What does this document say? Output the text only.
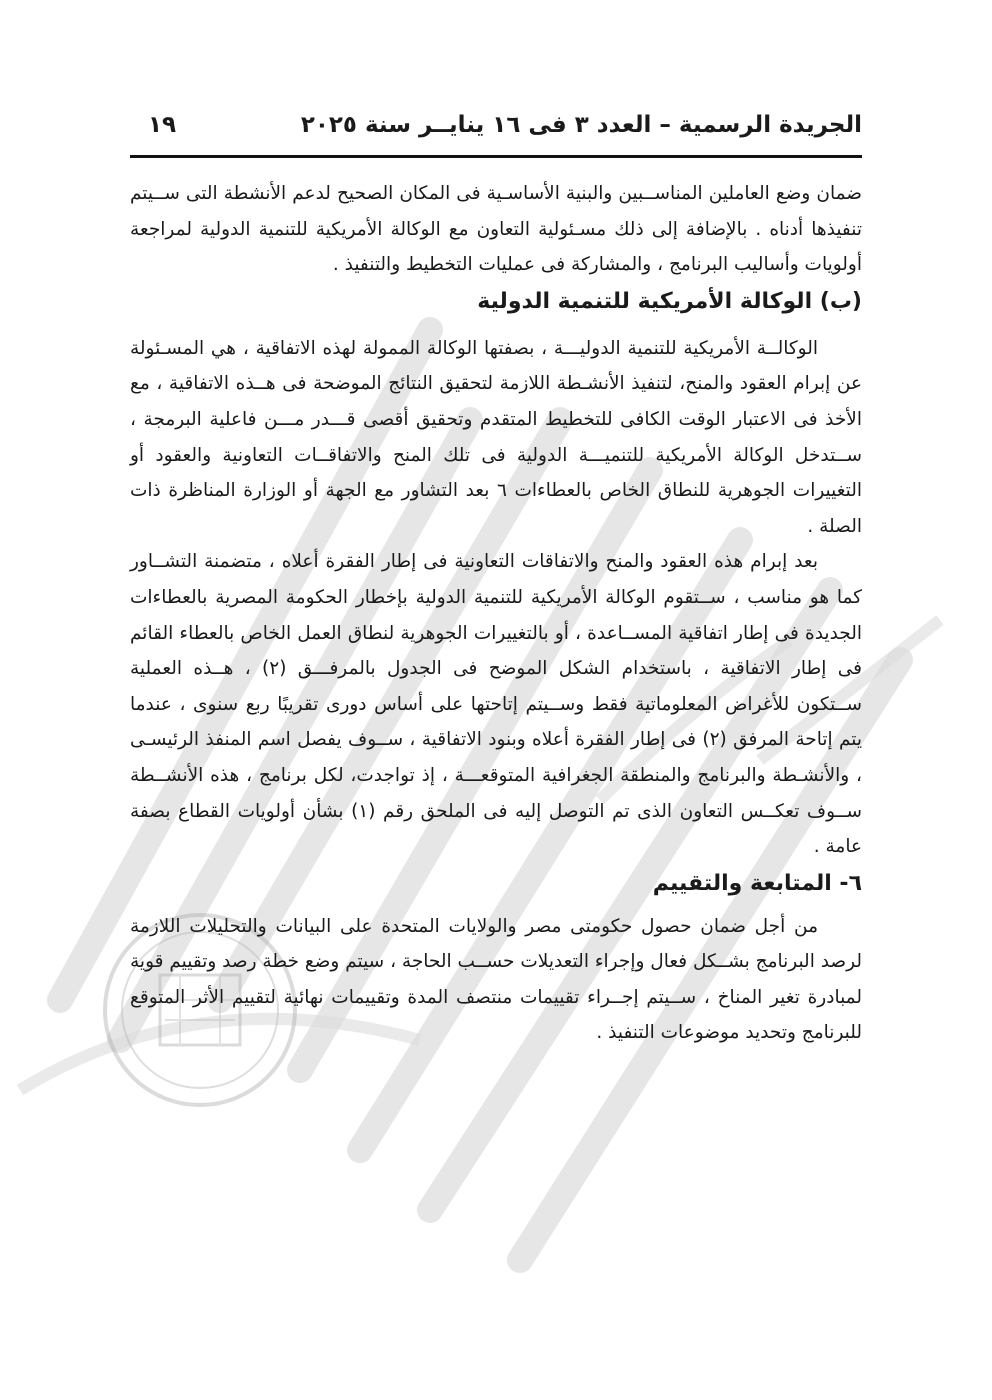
الجريدة الرسمية – العدد ٣ فى ١٦ ينايــر سنة ٢٠٢٥
١٩

ضمان وضع العاملين المناســبين والبنية الأساسـية فى المكان الصحيح لدعم الأنشطة التى ســيتم تنفيذها أدناه . بالإضافة إلى ذلك مسـئولية التعاون مع الوكالة الأمريكية للتنمية الدولية لمراجعة أولويات وأساليب البرنامج ، والمشاركة فى عمليات التخطيط والتنفيذ .

(ب) الوكالة الأمريكية للتنمية الدولية

الوكالــة الأمريكية للتنمية الدوليـــة ، بصفتها الوكالة الممولة لهذه الاتفاقية ، هي المسـئولة عن إبرام العقود والمنح، لتنفيذ الأنشـطة اللازمة لتحقيق النتائج الموضحة فى هــذه الاتفاقية ، مع الأخذ فى الاعتبار الوقت الكافى للتخطيط المتقدم وتحقيق أقصى قـــدر مـــن فاعلية البرمجة ، ســتدخل الوكالة الأمريكية للتنميـــة الدولية فى تلك المنح والاتفاقــات التعاونية والعقود أو التغييرات الجوهرية للنطاق الخاص بالعطاءات ٦ بعد التشاور مع الجهة أو الوزارة المناظرة ذات الصلة .

بعد إبرام هذه العقود والمنح والاتفاقات التعاونية فى إطار الفقرة أعلاه ، متضمنة التشــاور كما هو مناسب ، ســتقوم الوكالة الأمريكية للتنمية الدولية بإخطار الحكومة المصرية بالعطاءات الجديدة فى إطار اتفاقية المســاعدة ، أو بالتغييرات الجوهرية لنطاق العمل الخاص بالعطاء القائم فى إطار الاتفاقية ، باستخدام الشكل الموضح فى الجدول بالمرفـــق (٢) ، هــذه العملية ســتكون للأغراض المعلوماتية فقط وســيتم إتاحتها على أساس دورى تقريبًا ربع سنوى ، عندما يتم إتاحة المرفق (٢) فى إطار الفقرة أعلاه وبنود الاتفاقية ، ســوف يفصل اسم المنفذ الرئيسـى ، والأنشـطة والبرنامج والمنطقة الجغرافية المتوقعـــة ، إذ تواجدت، لكل برنامج ، هذه الأنشــطة ســوف تعكــس التعاون الذى تم التوصل إليه فى الملحق رقم (١) بشأن أولويات القطاع بصفة عامة .

٦- المتابعة والتقييم

من أجل ضمان حصول حكومتى مصر والولايات المتحدة على البيانات والتحليلات اللازمة لرصد البرنامج بشــكل فعال وإجراء التعديلات حســب الحاجة ، سيتم وضع خطة رصد وتقييم قوية لمبادرة تغير المناخ ، ســيتم إجــراء تقييمات منتصف المدة وتقييمات نهائية لتقييم الأثر المتوقع للبرنامج وتحديد موضوعات التنفيذ .
